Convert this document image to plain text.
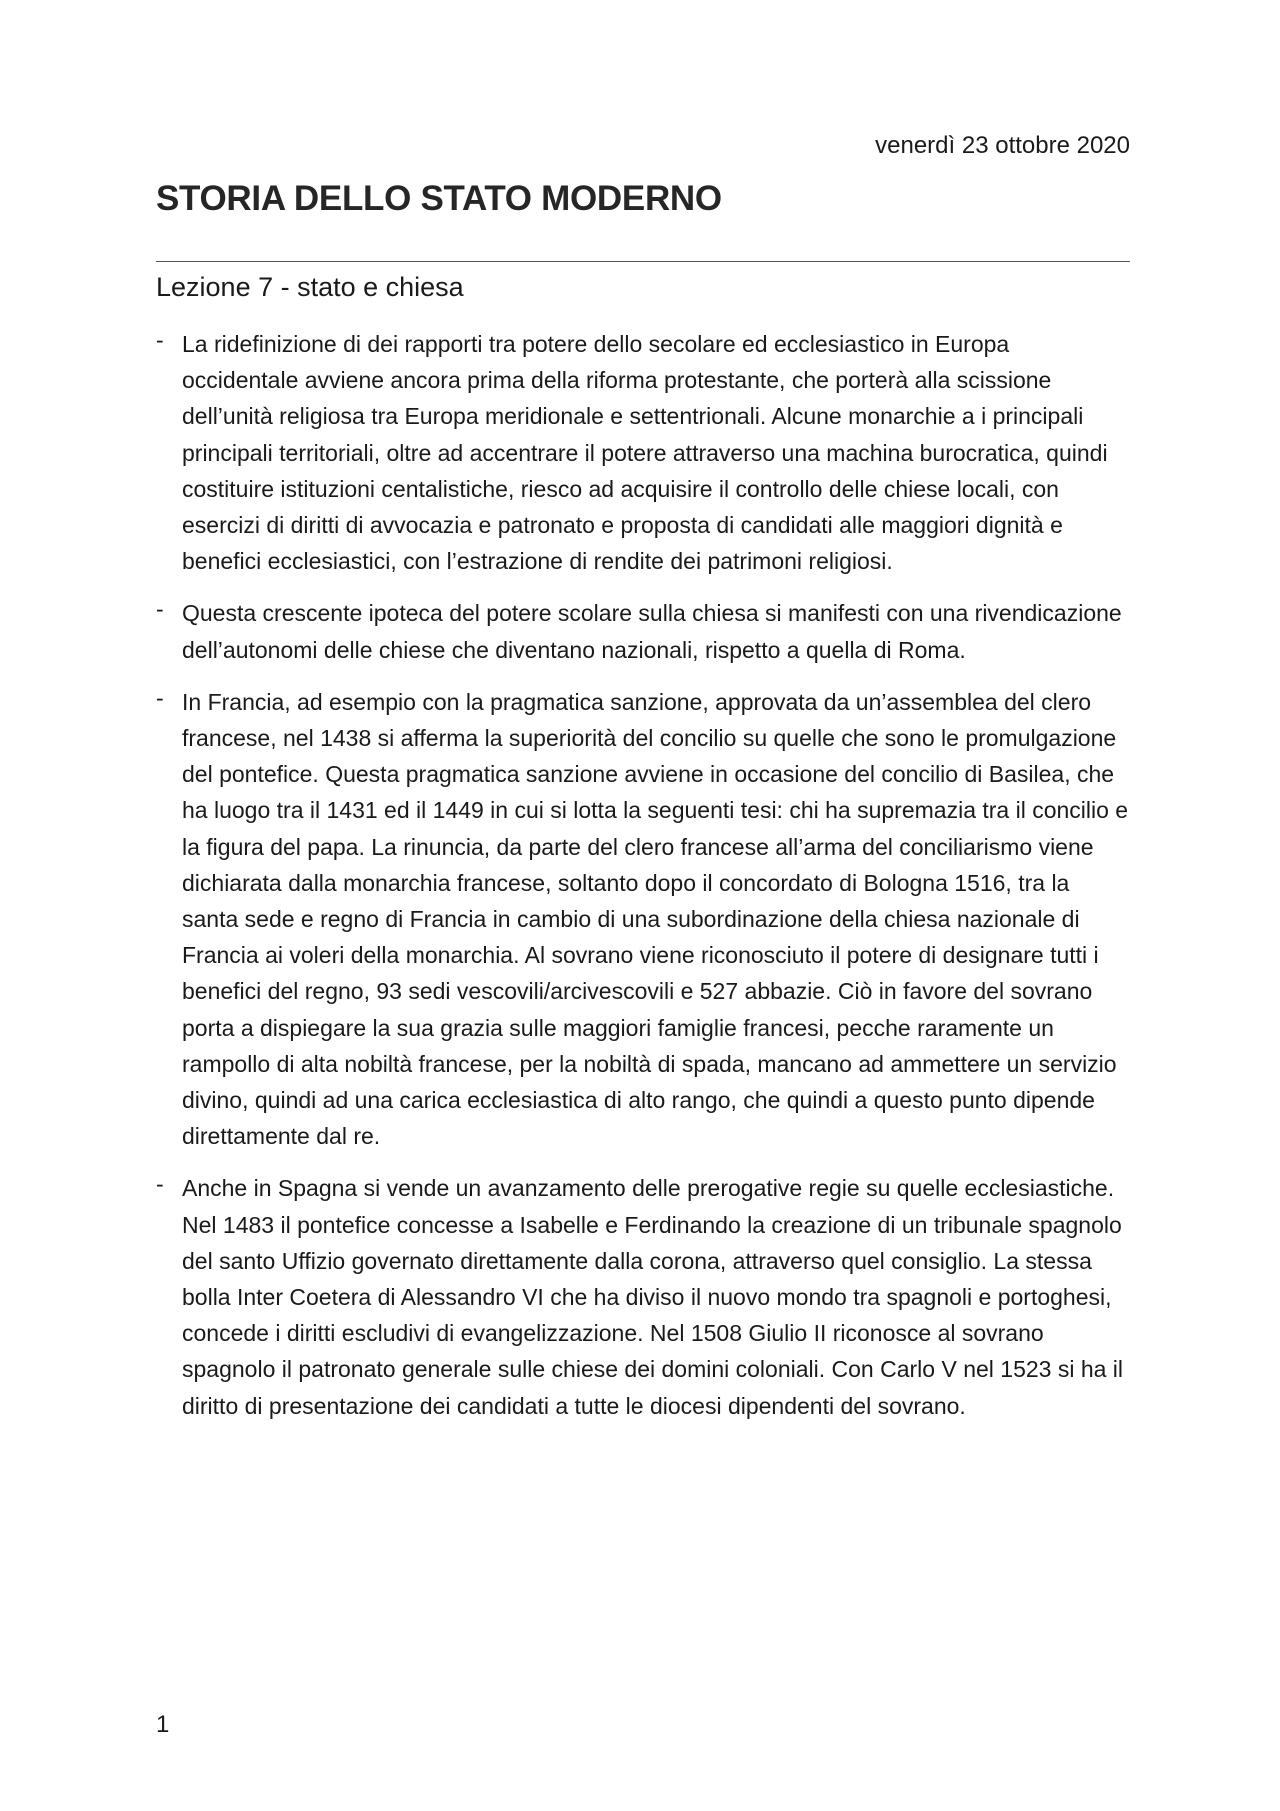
venerdì 23 ottobre 2020
STORIA DELLO STATO MODERNO
Lezione 7 - stato e chiesa
- La ridefinizione di dei rapporti tra potere dello secolare ed ecclesiastico in Europa occidentale avviene ancora prima della riforma protestante, che porterà alla scissione dell’unità religiosa tra Europa meridionale e settentrionali. Alcune monarchie a i principali principali territoriali, oltre ad accentrare il potere attraverso una machina burocratica, quindi costituire istituzioni centalistiche, riesco ad acquisire il controllo delle chiese locali, con esercizi di diritti di avvocazia e patronato e proposta di candidati alle maggiori dignità e benefici ecclesiastici, con l’estrazione di rendite dei patrimoni religiosi.
- Questa crescente ipoteca del potere scolare sulla chiesa si manifesti con una rivendicazione dell’autonomi delle chiese che diventano nazionali, rispetto a quella di Roma.
- In Francia, ad esempio con la pragmatica sanzione, approvata da un’assemblea del clero francese, nel 1438 si afferma la superiorità del concilio su quelle che sono le promulgazione del pontefice. Questa pragmatica sanzione avviene in occasione del concilio di Basilea, che ha luogo tra il 1431 ed il 1449 in cui si lotta la seguenti tesi: chi ha supremazia tra il concilio e la figura del papa. La rinuncia, da parte del clero francese all’arma del conciliarismo viene dichiarata dalla monarchia francese, soltanto dopo il concordato di Bologna 1516, tra la santa sede e regno di Francia in cambio di una subordinazione della chiesa nazionale di Francia ai voleri della monarchia. Al sovrano viene riconosciuto il potere di designare tutti i benefici del regno, 93 sedi vescovili/arcivescovili e 527 abbazie. Ciò in favore del sovrano porta a dispiegare la sua grazia sulle maggiori famiglie francesi, pecche raramente un rampollo di alta nobiltà francese, per la nobiltà di spada, mancano ad ammettere un servizio divino, quindi ad una carica ecclesiastica di alto rango, che quindi a questo punto dipende direttamente dal re.
- Anche in Spagna si vende un avanzamento delle prerogative regie su quelle ecclesiastiche. Nel 1483 il pontefice concesse a Isabelle e Ferdinando la creazione di un tribunale spagnolo del santo Uffizio governato direttamente dalla corona, attraverso quel consiglio. La stessa bolla Inter Coetera di Alessandro VI che ha diviso il nuovo mondo tra spagnoli e portoghesi, concede i diritti escludivi di evangelizzazione. Nel 1508 Giulio II riconosce al sovrano spagnolo il patronato generale sulle chiese dei domini coloniali. Con Carlo V nel 1523 si ha il diritto di presentazione dei candidati a tutte le diocesi dipendenti del sovrano.
1
